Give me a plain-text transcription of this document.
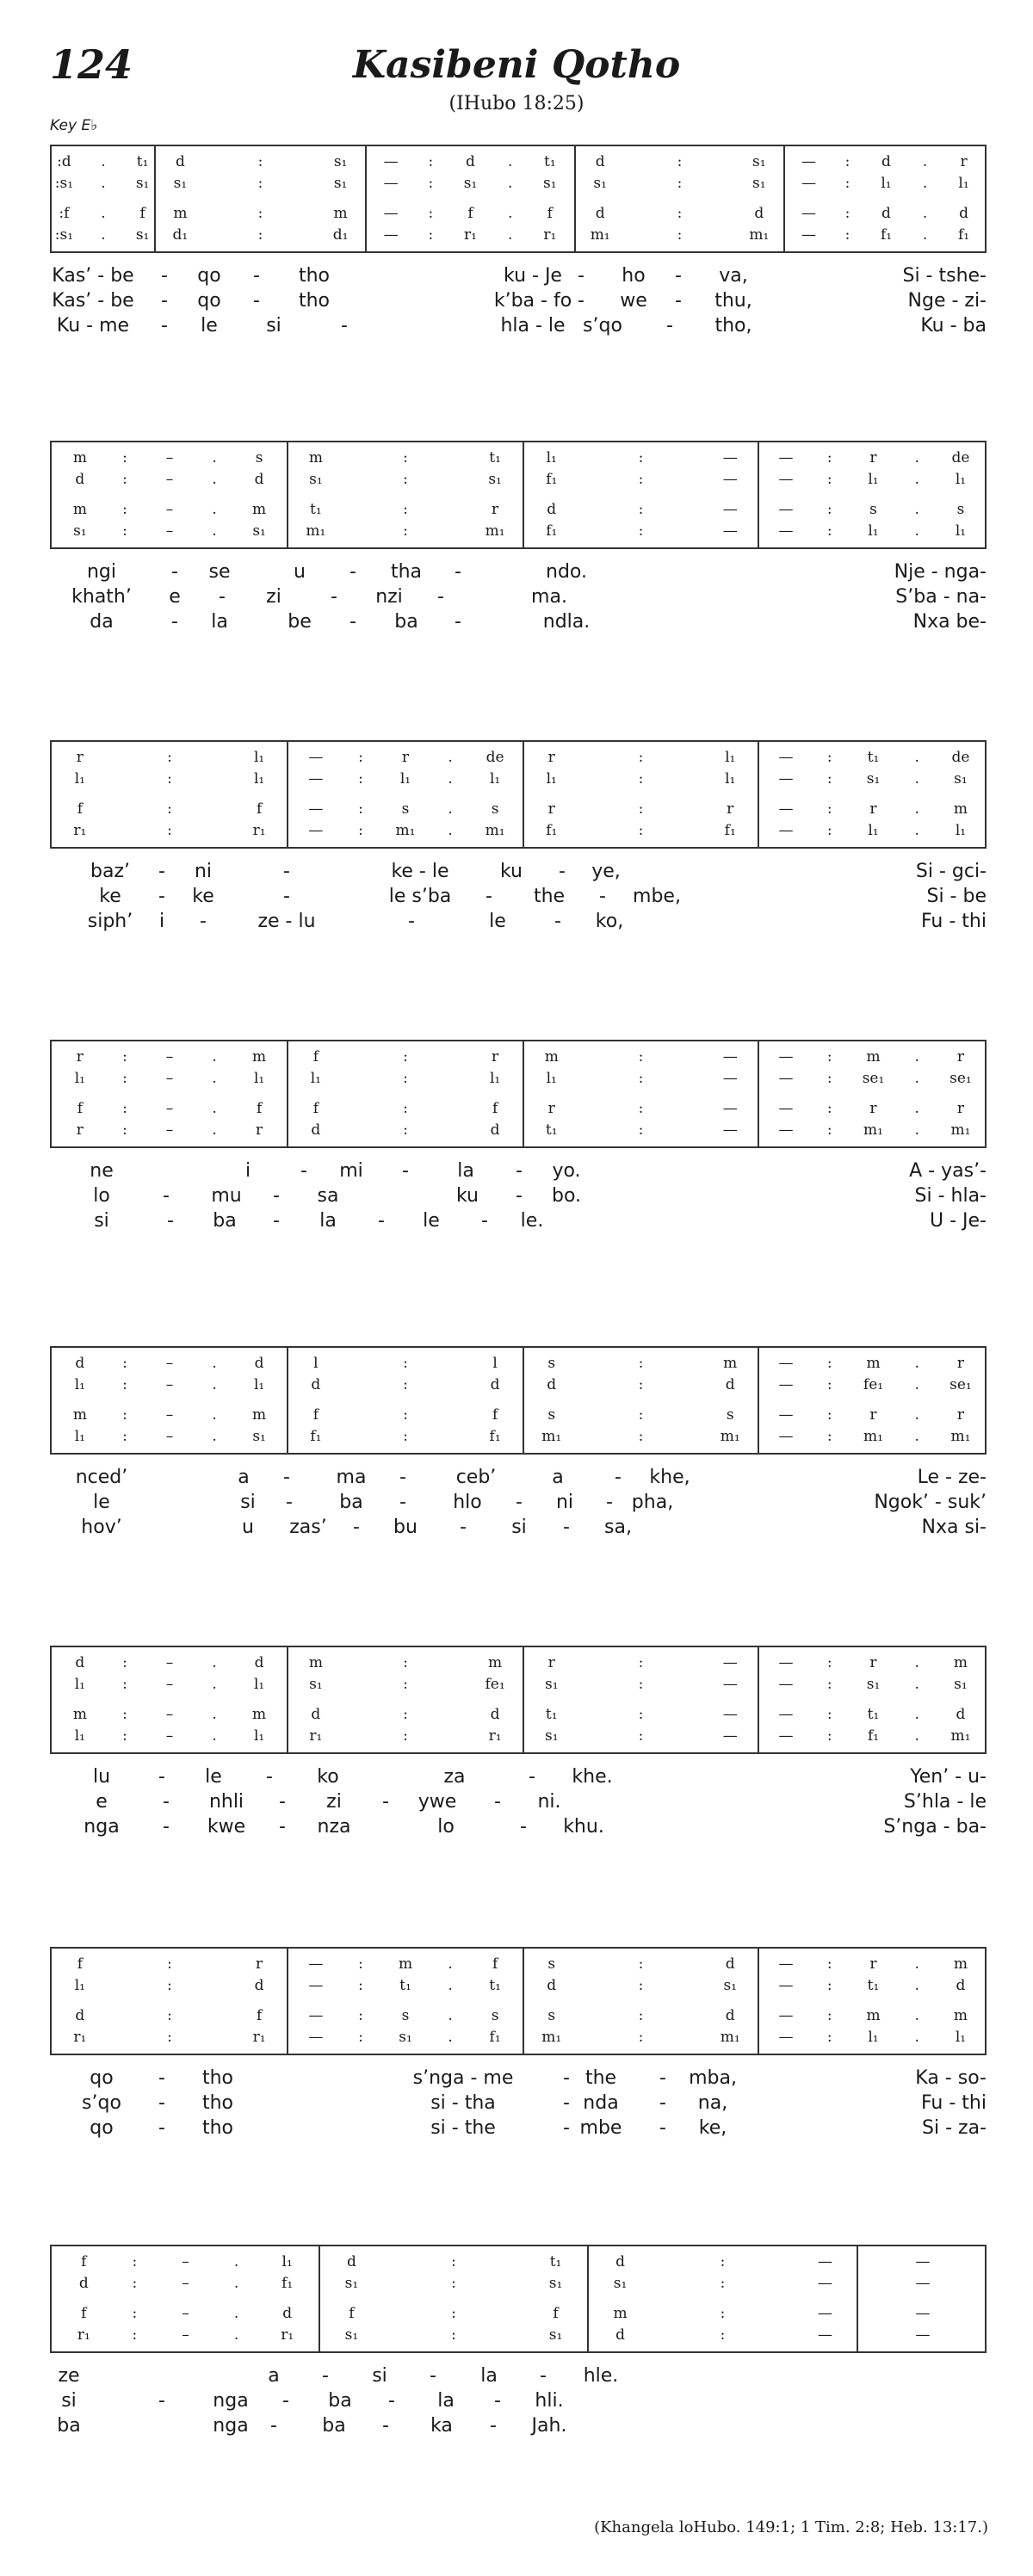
124	Kasibeni Qotho
(IHubo 18:25)
Key E♭
:d	.	t₁	d	:	s₁	—	:	d	.	t₁	d	:	s₁	—	:	d	.	r
:s₁	.	s₁	s₁	:	s₁	—	:	s₁	.	s₁	s₁	:	s₁	—	:	l₁	.	l₁
:f	.	f	m	:	m	—	:	f	.	f	d	:	d	—	:	d	.	d
:s₁	.	s₁	d₁	:	d₁	—	:	r₁	.	r₁	m₁	:	m₁	—	:	f₁	.	f₁
Kas’ - be - qo - tho	ku - Je - ho - va,	Si - tshe-
Kas’ - be - qo - tho	k’ba - fo - we - thu,	Nge - zi-
Ku - me - le	si	-	hla - le s’qo - tho,	Ku - ba
m	:	–	.	s	m	:	t₁	l₁	:	—	—	:	r	.	de
d	:	–	.	d	s₁	:	s₁	f₁	:	—	—	:	l₁	.	l₁
m	:	–	.	m	t₁	:	r	d	:	—	—	:	s	.	s
s₁	:	–	.	s₁	m₁	:	m₁	f₁	:	—	—	:	l₁	.	l₁
ngi	- se	u - tha -	ndo.	Nje - nga-
khath’ e - zi	- nzi -	ma.	S’ba - na-
da	- la	be - ba -	ndla.	Nxa be-
r	:	l₁	—	:	r	.	de	r	:	l₁	—	:	t₁	.	de
l₁	:	l₁	—	:	l₁	.	l₁	l₁	:	l₁	—	:	s₁	.	s₁
f	:	f	—	:	s	.	s	r	:	r	—	:	r	.	m
r₁	:	r₁	—	:	m₁	.	m₁	f₁	:	f₁	—	:	l₁	.	l₁
baz’ - ni	-	ke - le	ku - ye,	Si - gci-
ke - ke	-	le s’ba - the - mbe,	Si - be
siph’ i -	ze - lu	-	le	- ko,	Fu - thi
r	:	–	.	m	f	:	r	m	:	—	—	:	m	.	r
l₁	:	–	.	l₁	l₁	:	l₁	l₁	:	—	—	:	se₁	.	se₁
f	:	–	.	f	f	:	f	r	:	—	—	:	r	.	r
r	:	–	.	r	d	:	d	t₁	:	—	—	:	m₁	.	m₁
ne	i	- mi -	la - yo.	A - yas’-
lo	- mu - sa	ku - bo.	Si - hla-
si	- ba - la - le - le.	U - Je-
d	:	–	.	d	l	:	l	s	:	m	—	:	m	.	r
l₁	:	–	.	l₁	d	:	d	d	:	d	—	:	fe₁	.	se₁
m	:	–	.	m	f	:	f	s	:	s	—	:	r	.	r
l₁	:	–	.	s₁	f₁	:	f₁	m₁	:	m₁	—	:	m₁	.	m₁
nced’	a - ma -	ceb’	a	- khe,	Le - ze-
le	si - ba - hlo - ni - pha,	Ngok’ - suk’
hov’	u zas’ - bu - si - sa,	Nxa si-
d	:	–	.	d	m	:	m	r	:	—	—	:	r	.	m
l₁	:	–	.	l₁	s₁	:	fe₁	s₁	:	—	—	:	s₁	.	s₁
m	:	–	.	m	d	:	d	t₁	:	—	—	:	t₁	.	d
l₁	:	–	.	l₁	r₁	:	r₁	s₁	:	—	—	:	f₁	.	m₁
lu	- le - ko	za	- khe.	Yen’ - u-
e	- nhli - zi - ywe - ni.	S’hla - le
nga - kwe - nza	lo	- khu.	S’nga - ba-
f	:	r	—	:	m	.	f	s	:	d	—	:	r	.	m
l₁	:	d	—	:	t₁	.	t₁	d	:	s₁	—	:	t₁	.	d
d	:	f	—	:	s	.	s	s	:	d	—	:	m	.	m
r₁	:	r₁	—	:	s₁	.	f₁	m₁	:	m₁	—	:	l₁	.	l₁
qo - tho	s’nga - me	- the - mba,	Ka - so-
s’qo - tho	si - tha	- nda - na,	Fu - thi
qo - tho	si - the	- mbe - ke,	Si - za-
f	:	–	.	l₁	d	:	t₁	d	:	—	—
d	:	–	.	f₁	s₁	:	s₁	s₁	:	—	—
f	:	–	.	d	f	:	f	m	:	—	—
r₁	:	–	.	r₁	s₁	:	s₁	d	:	—	—
ze	a - si - la - hle.
si	-	nga - ba - la - hli.
ba	nga - ba - ka - Jah.
(Khangela loHubo. 149:1; 1 Tim. 2:8; Heb. 13:17.)
